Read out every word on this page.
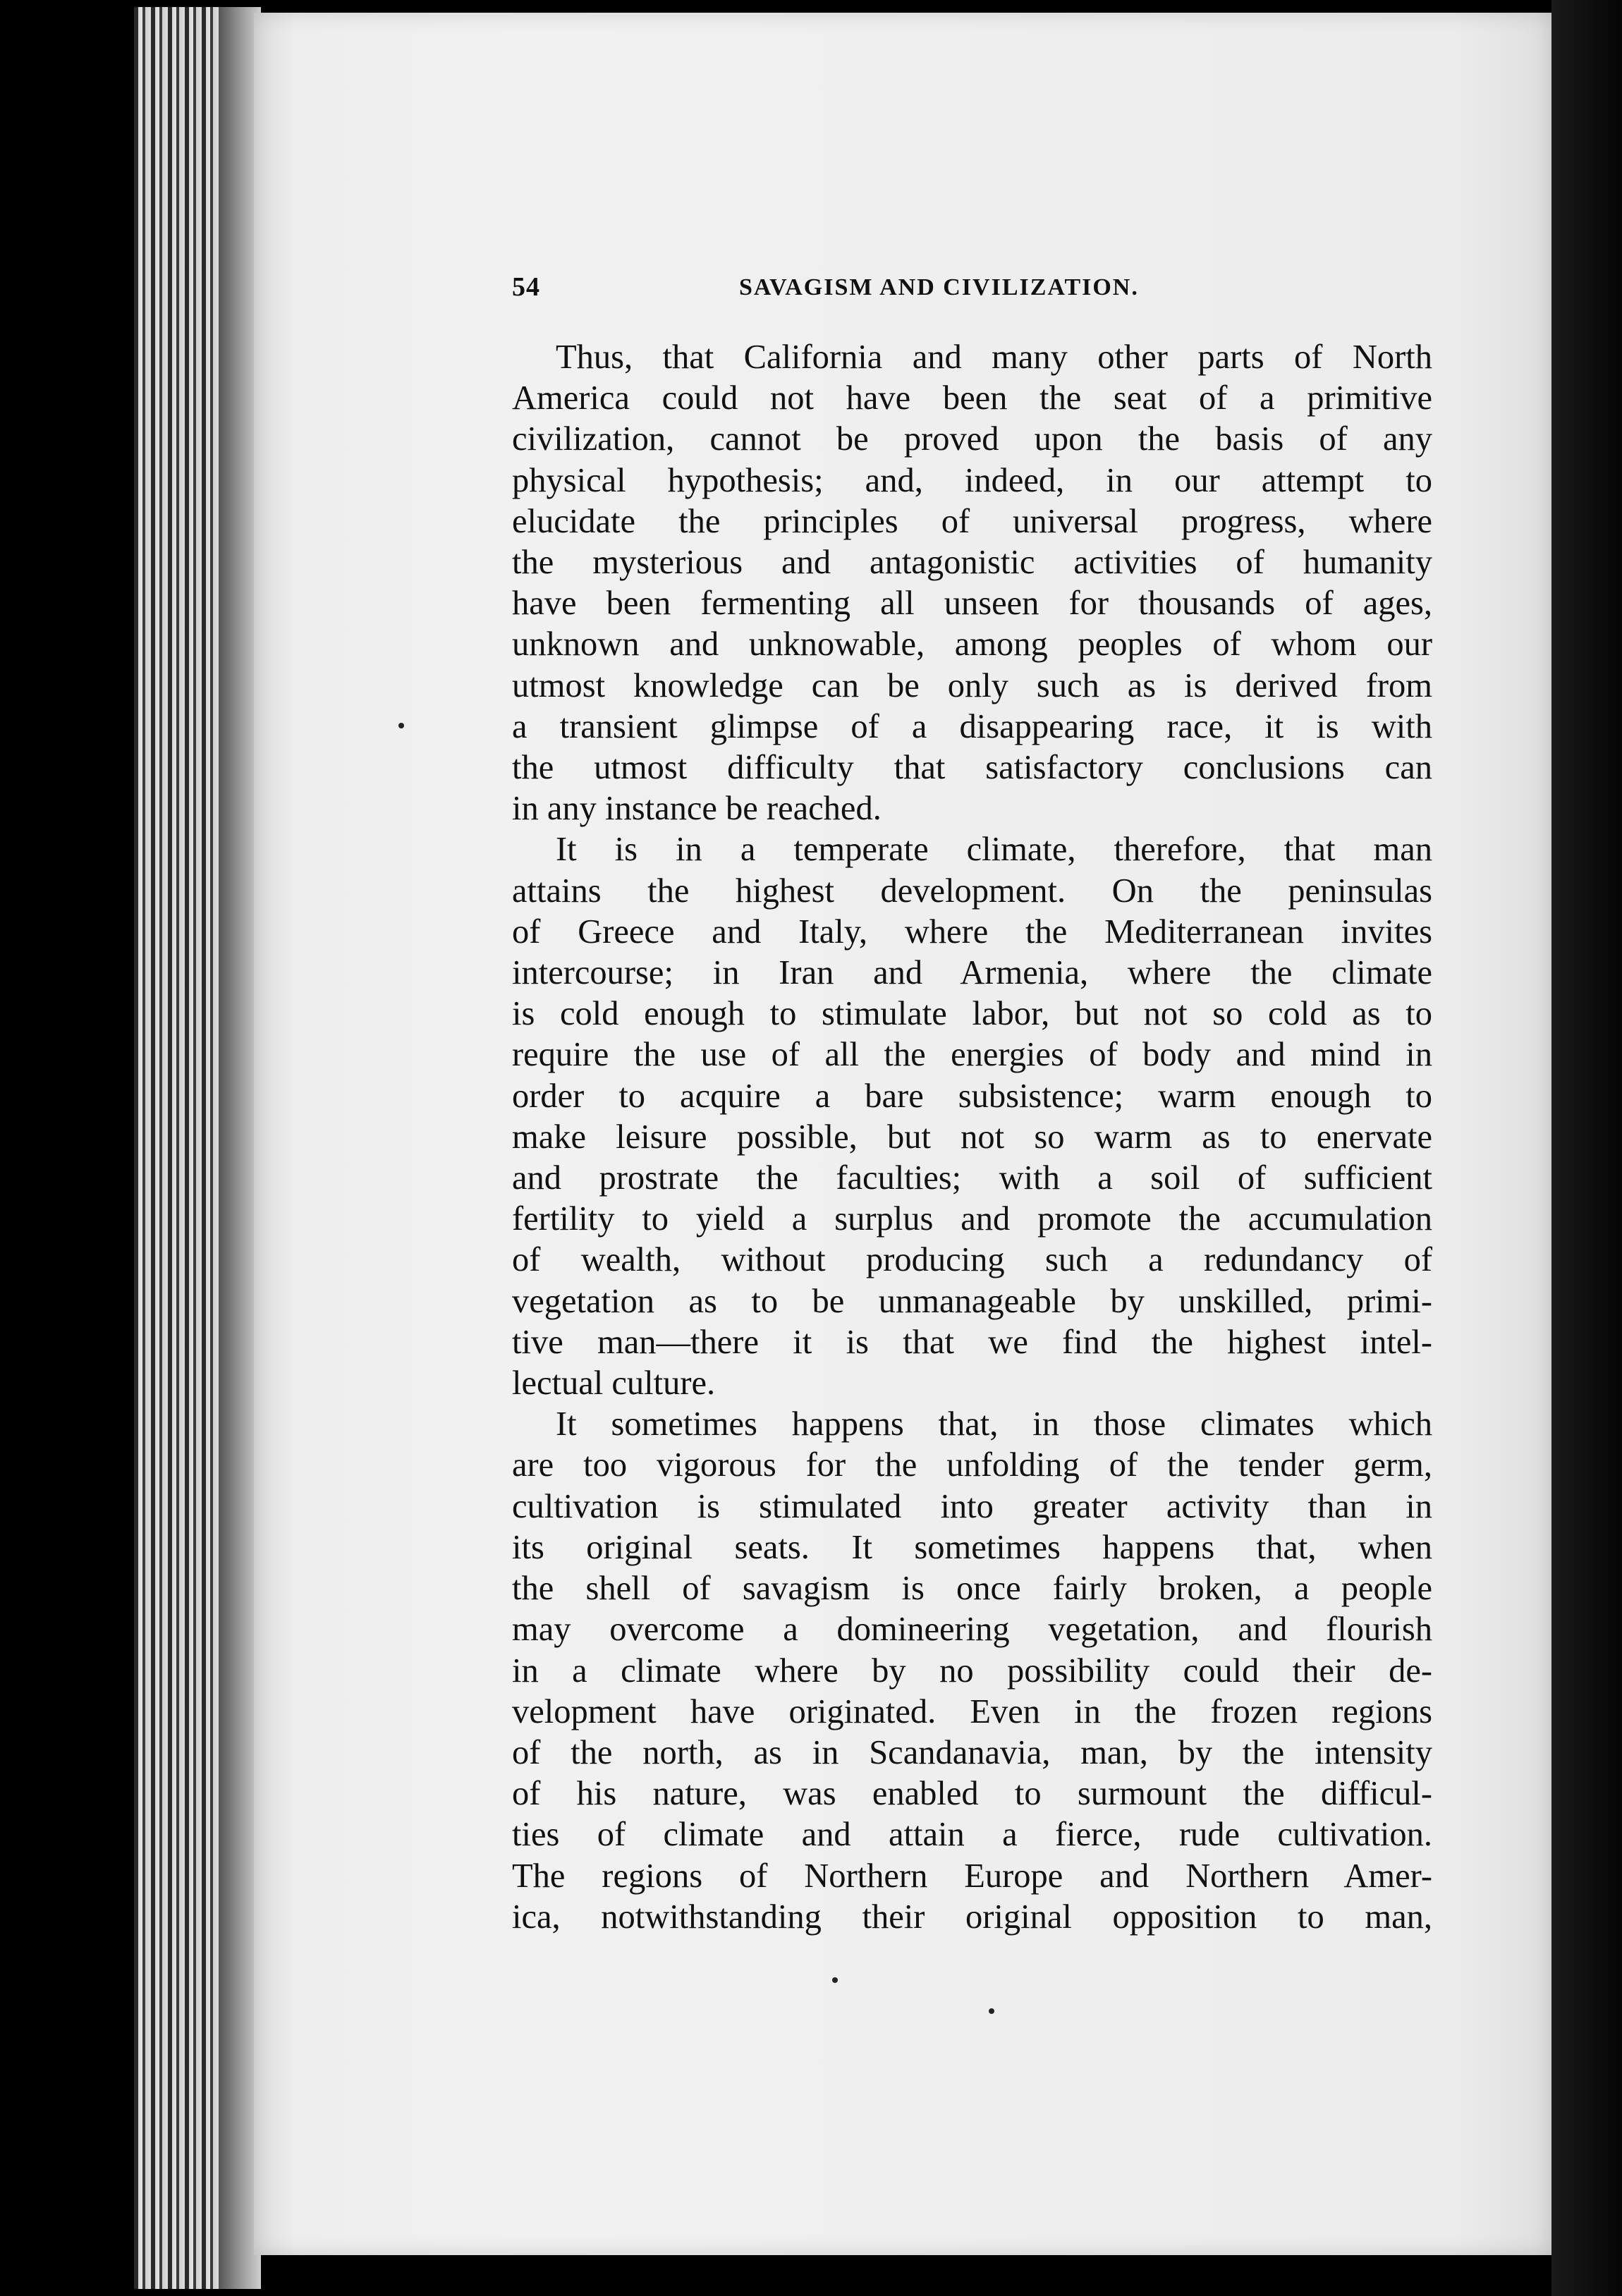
54	SAVAGISM AND CIVILIZATION.

Thus, that California and many other parts of North
America could not have been the seat of a primitive
civilization, cannot be proved upon the basis of any
physical hypothesis; and, indeed, in our attempt to
elucidate the principles of universal progress, where
the mysterious and antagonistic activities of humanity
have been fermenting all unseen for thousands of ages,
unknown and unknowable, among peoples of whom our
utmost knowledge can be only such as is derived from
a transient glimpse of a disappearing race, it is with
the utmost difficulty that satisfactory conclusions can
in any instance be reached.

It is in a temperate climate, therefore, that man
attains the highest development. On the peninsulas
of Greece and Italy, where the Mediterranean invites
intercourse; in Iran and Armenia, where the climate
is cold enough to stimulate labor, but not so cold as to
require the use of all the energies of body and mind in
order to acquire a bare subsistence; warm enough to
make leisure possible, but not so warm as to enervate
and prostrate the faculties; with a soil of sufficient
fertility to yield a surplus and promote the accumulation
of wealth, without producing such a redundancy of
vegetation as to be unmanageable by unskilled, primi-
tive man—there it is that we find the highest intel-
lectual culture.

It sometimes happens that, in those climates which
are too vigorous for the unfolding of the tender germ,
cultivation is stimulated into greater activity than in
its original seats. It sometimes happens that, when
the shell of savagism is once fairly broken, a people
may overcome a domineering vegetation, and flourish
in a climate where by no possibility could their de-
velopment have originated. Even in the frozen regions
of the north, as in Scandanavia, man, by the intensity
of his nature, was enabled to surmount the difficul-
ties of climate and attain a fierce, rude cultivation.
The regions of Northern Europe and Northern Amer-
ica, notwithstanding their original opposition to man,
